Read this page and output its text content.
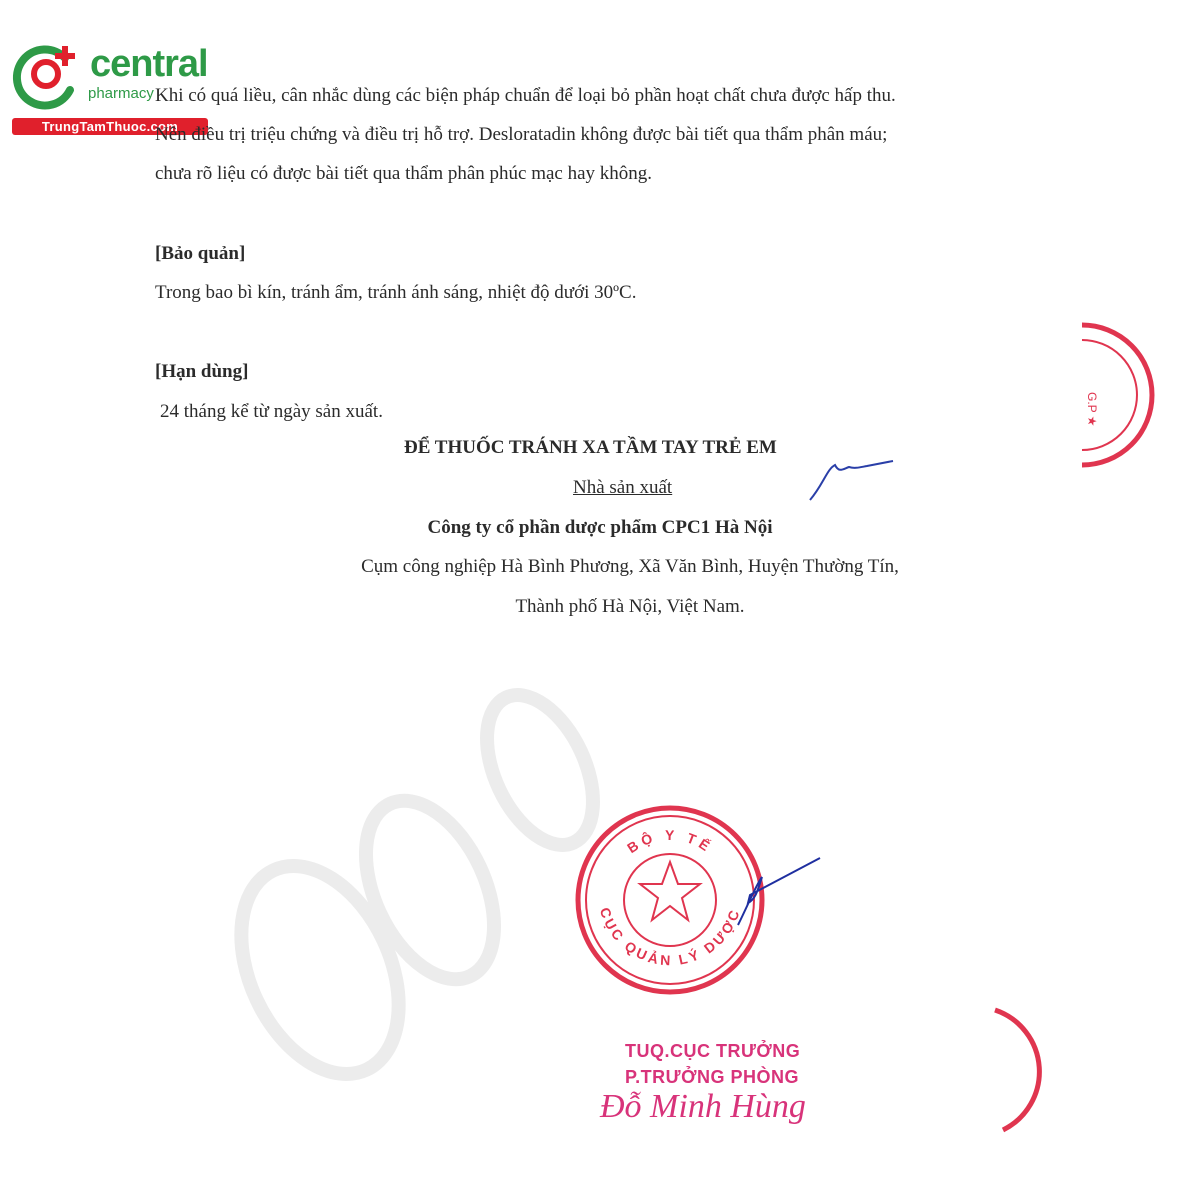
central
pharmacy
TrungTamThuoc.com
Khi có quá liều, cân nhắc dùng các biện pháp chuẩn để loại bỏ phần hoạt chất chưa được hấp thu.
Nên điều trị triệu chứng và điều trị hỗ trợ. Desloratadin không được bài tiết qua thẩm phân máu;
chưa rõ liệu có được bài tiết qua thẩm phân phúc mạc hay không.
[Bảo quản]
Trong bao bì kín, tránh ẩm, tránh ánh sáng, nhiệt độ dưới 30ºC.
[Hạn dùng]
24 tháng kể từ ngày sản xuất.
ĐỂ THUỐC TRÁNH XA TẦM TAY TRẺ EM
Nhà sản xuất
Công ty cổ phần dược phẩm CPC1 Hà Nội
Cụm công nghiệp Hà Bình Phương, Xã Văn Bình, Huyện Thường Tín,
Thành phố Hà Nội, Việt Nam.
G.P ★
BỘ Y TẾ
CỤC QUẢN LÝ DƯỢC
TUQ.CỤC TRƯỞNG
P.TRƯỞNG PHÒNG
Đỗ Minh Hùng
